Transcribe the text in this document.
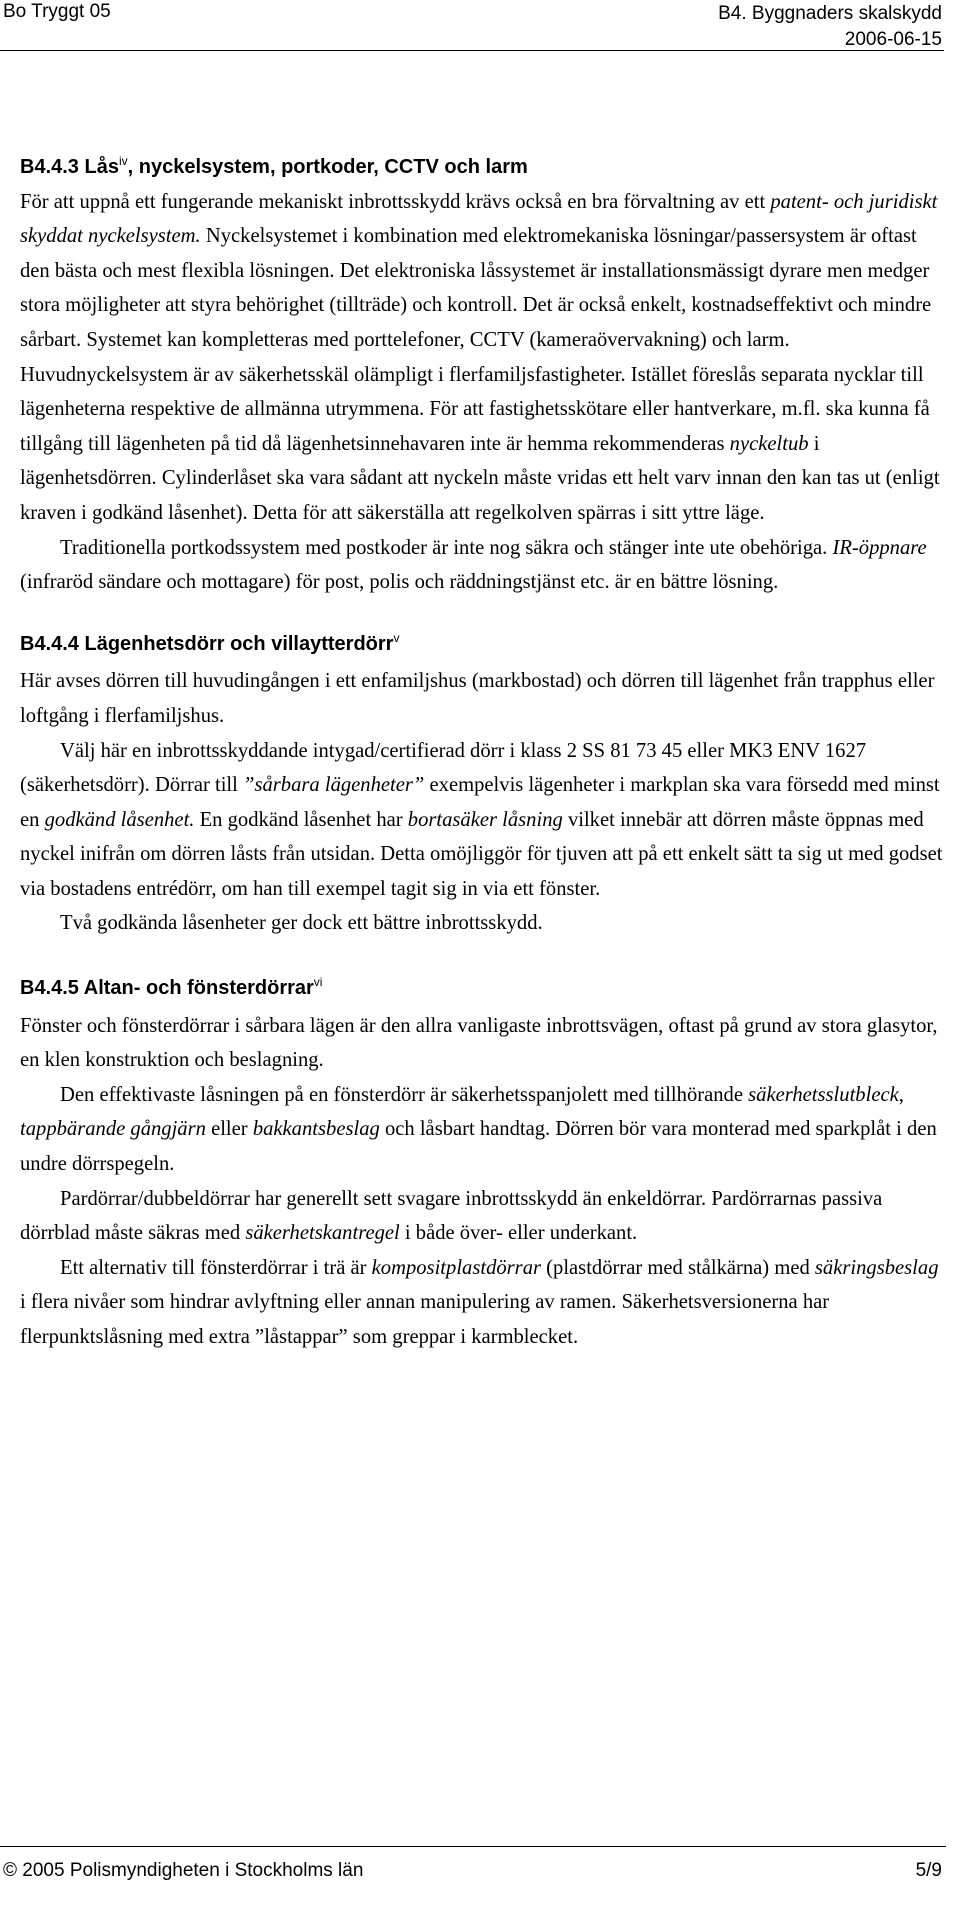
Bo Tryggt 05	B4. Byggnaders skalskydd
2006-06-15
B4.4.3 Lås$^{iv}$, nyckelsystem, portkoder, CCTV och larm

För att uppnå ett fungerande mekaniskt inbrottsskydd krävs också en bra förvaltning av ett patent- och juridiskt skyddat nyckelsystem. Nyckelsystemet i kombination med elektromekaniska lösningar/passersystem är oftast den bästa och mest flexibla lösningen. Det elektroniska låssystemet är installationsmässigt dyrare men medger stora möjligheter att styra behörighet (tillträde) och kontroll. Det är också enkelt, kostnadseffektivt och mindre sårbart. Systemet kan kompletteras med porttelefoner, CCTV (kameraövervakning) och larm. Huvudnyckelsystem är av säkerhetsskäl olämpligt i flerfamiljsfastigheter. Istället föreslås separata nycklar till lägenheterna respektive de allmänna utrymmena. För att fastighetsskötare eller hantverkare, m.fl. ska kunna få tillgång till lägenheten på tid då lägenhetsinnehavaren inte är hemma rekommenderas nyckeltub i lägenhetsdörren. Cylinderlåset ska vara sådant att nyckeln måste vridas ett helt varv innan den kan tas ut (enligt kraven i godkänd låsenhet). Detta för att säkerställa att regelkolven spärras i sitt yttre läge.

Traditionella portkodssystem med postkoder är inte nog säkra och stänger inte ute obehöriga. IR-öppnare (infraröd sändare och mottagare) för post, polis och räddningstjänst etc. är en bättre lösning.

B4.4.4 Lägenhetsdörr och villaytterdörr$^v$

Här avses dörren till huvudingången i ett enfamiljshus (markbostad) och dörren till lägenhet från trapphus eller loftgång i flerfamiljshus.

Välj här en inbrottsskyddande intygad/certifierad dörr i klass 2 SS 81 73 45 eller MK3 ENV 1627 (säkerhetsdörr). Dörrar till ”sårbara lägenheter” exempelvis lägenheter i markplan ska vara försedd med minst en godkänd låsenhet. En godkänd låsenhet har bortasäker låsning vilket innebär att dörren måste öppnas med nyckel inifrån om dörren låsts från utsidan. Detta omöjliggör för tjuven att på ett enkelt sätt ta sig ut med godset via bostadens entrédörr, om han till exempel tagit sig in via ett fönster.

Två godkända låsenheter ger dock ett bättre inbrottsskydd.

B4.4.5 Altan- och fönsterdörrar$^{vi}$

Fönster och fönsterdörrar i sårbara lägen är den allra vanligaste inbrottsvägen, oftast på grund av stora glasytor, en klen konstruktion och beslagning.

Den effektivaste låsningen på en fönsterdörr är säkerhetsspanjolett med tillhörande säkerhetsslutbleck, tappbärande gångjärn eller bakkantsbeslag och låsbart handtag. Dörren bör vara monterad med sparkplåt i den undre dörrspegeln.

Pardörrar/dubbeldörrar har generellt sett svagare inbrottsskydd än enkeldörrar. Pardörrarnas passiva dörrblad måste säkras med säkerhetskantregel i både över- eller underkant.

Ett alternativ till fönsterdörrar i trä är kompositplastdörrar (plastdörrar med stålkärna) med säkringsbeslag i flera nivåer som hindrar avlyftning eller annan manipulering av ramen. Säkerhetsversionerna har flerpunktslåsning med extra ”låstappar” som greppar i karmblecket.

© 2005 Polismyndigheten i Stockholms län	5/9
